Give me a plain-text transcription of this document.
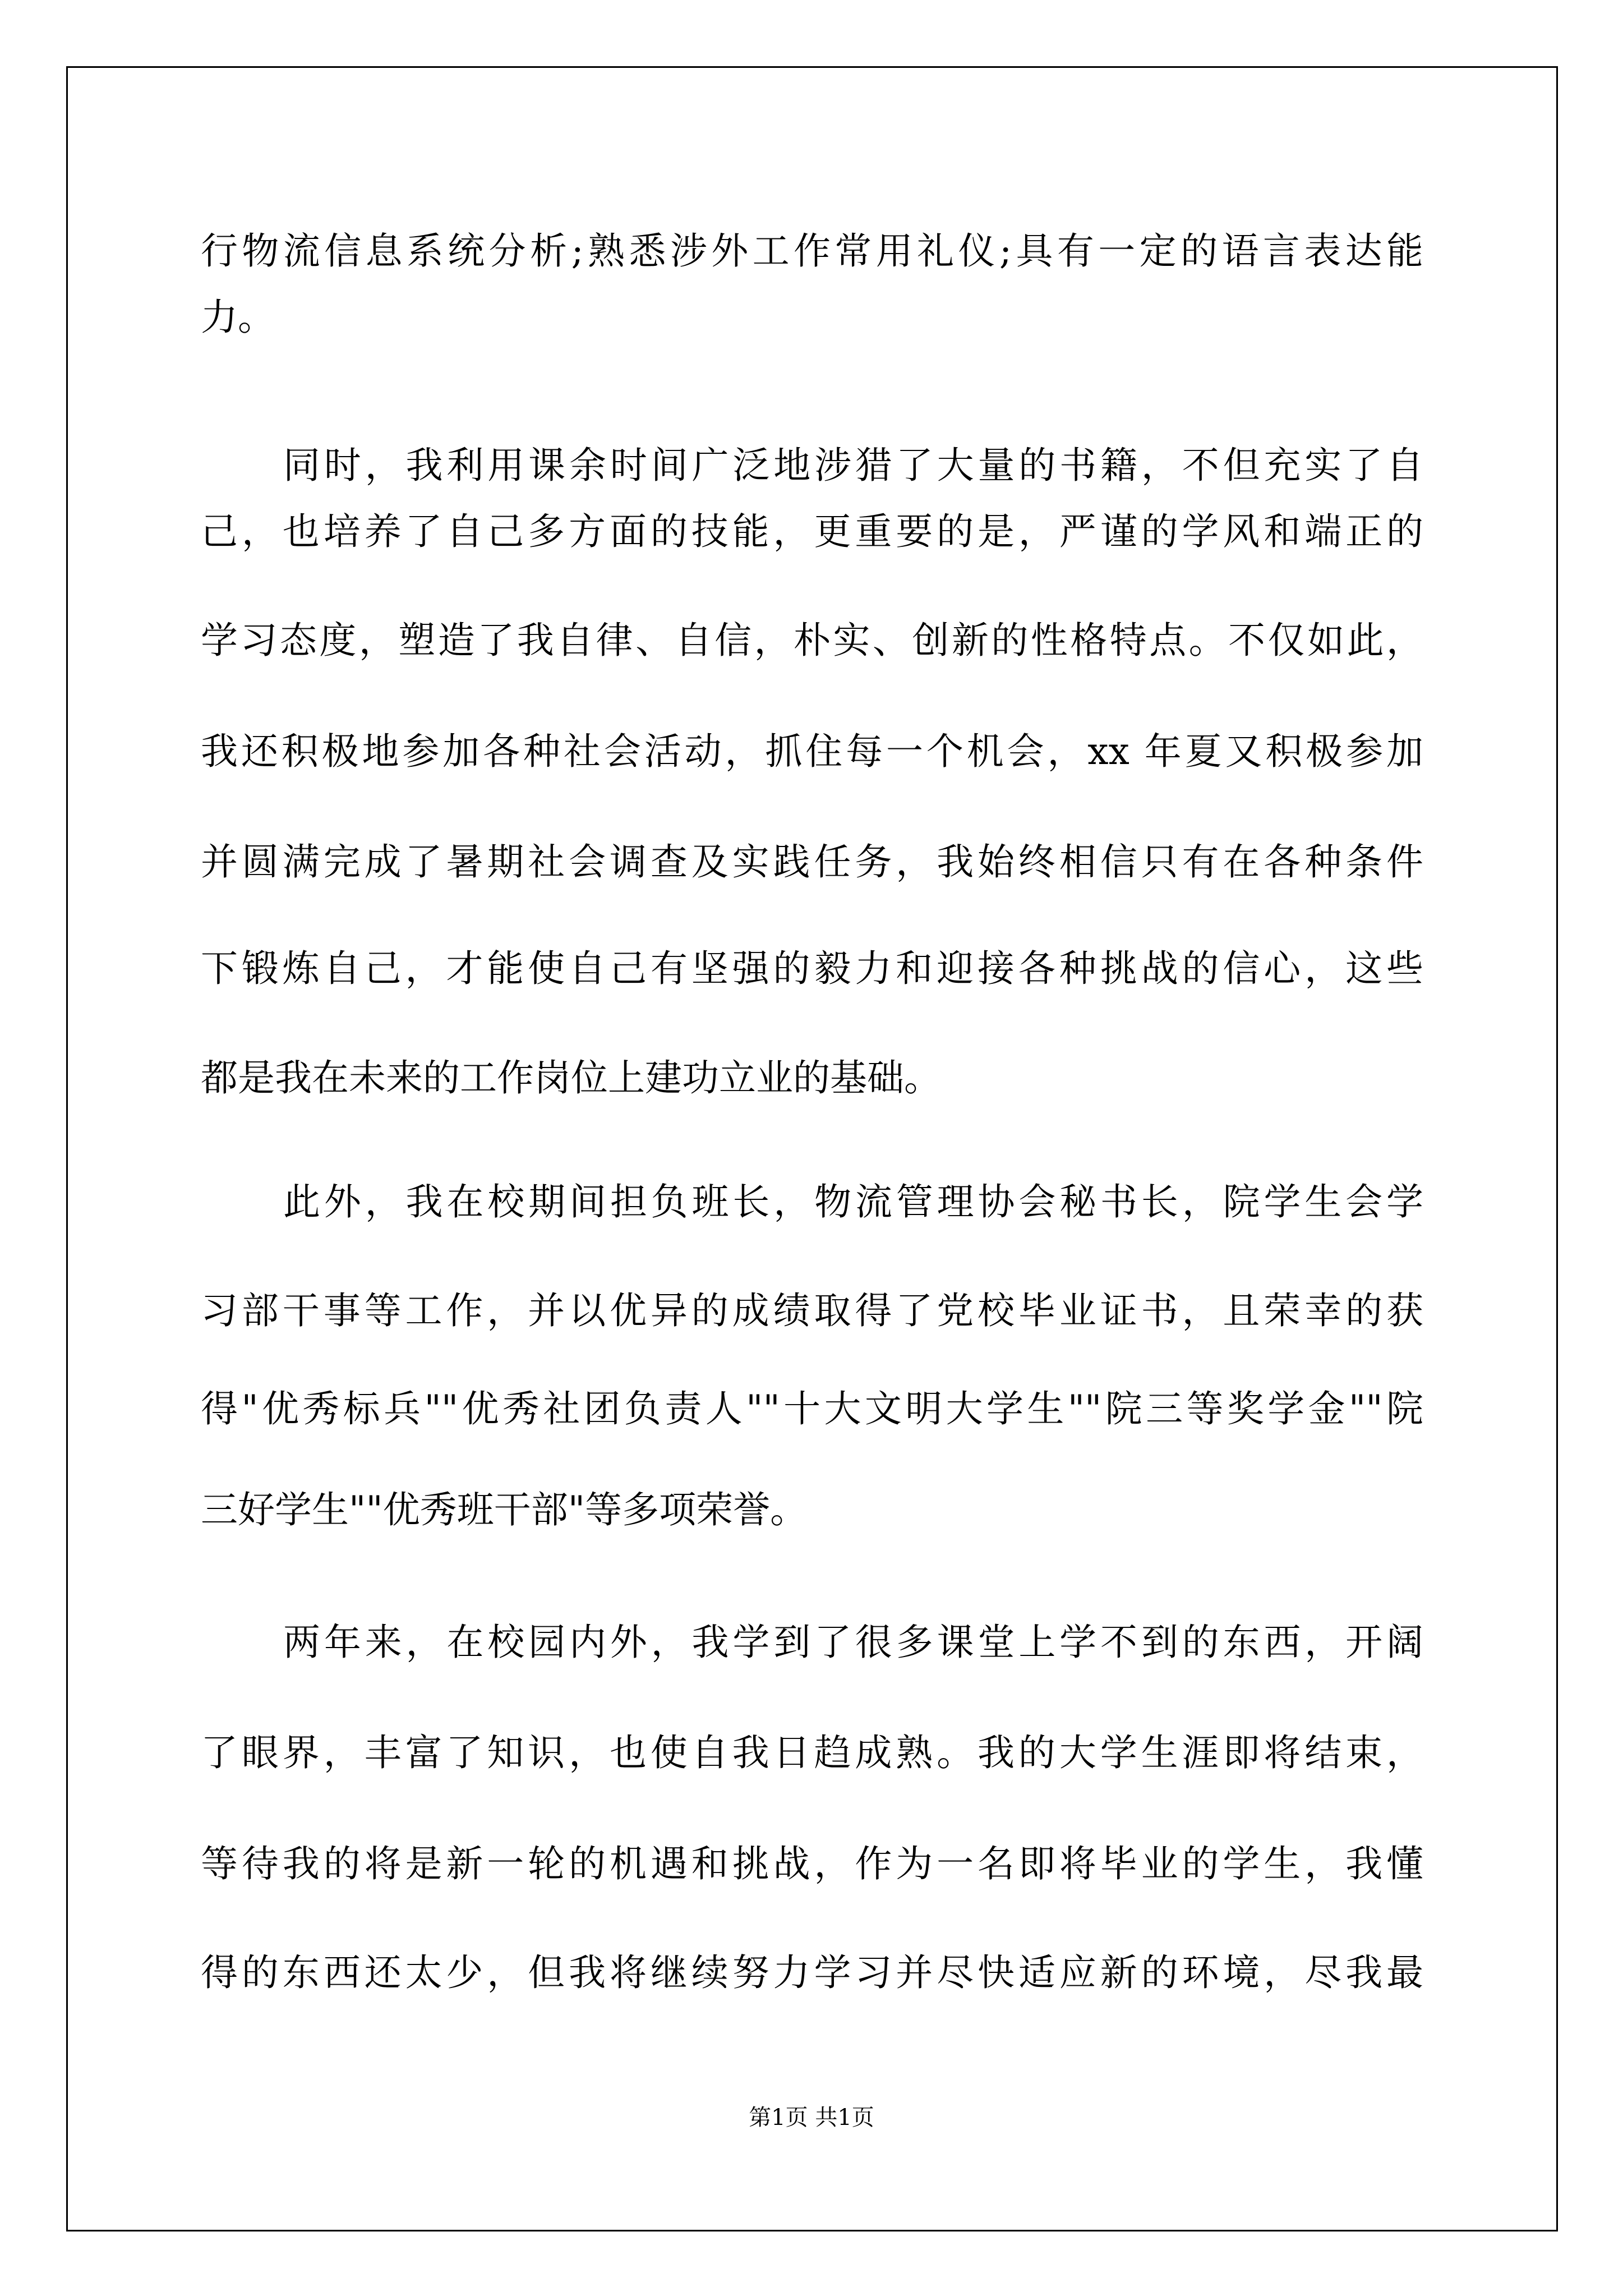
行物流信息系统分析;熟悉涉外工作常用礼仪;具有一定的语言表达能
力。
同时，我利用课余时间广泛地涉猎了大量的书籍，不但充实了自
己，也培养了自己多方面的技能，更重要的是，严谨的学风和端正的
学习态度，塑造了我自律、自信，朴实、创新的性格特点。不仅如此，
我还积极地参加各种社会活动，抓住每一个机会，xx 年夏又积极参加
并圆满完成了暑期社会调查及实践任务，我始终相信只有在各种条件
下锻炼自己，才能使自己有坚强的毅力和迎接各种挑战的信心，这些
都是我在未来的工作岗位上建功立业的基础。
此外，我在校期间担负班长，物流管理协会秘书长，院学生会学
习部干事等工作，并以优异的成绩取得了党校毕业证书，且荣幸的获
得"优秀标兵""优秀社团负责人""十大文明大学生""院三等奖学金""院
三好学生""优秀班干部"等多项荣誉。
两年来，在校园内外，我学到了很多课堂上学不到的东西，开阔
了眼界，丰富了知识，也使自我日趋成熟。我的大学生涯即将结束，
等待我的将是新一轮的机遇和挑战，作为一名即将毕业的学生，我懂
得的东西还太少，但我将继续努力学习并尽快适应新的环境，尽我最
第1页 共1页
